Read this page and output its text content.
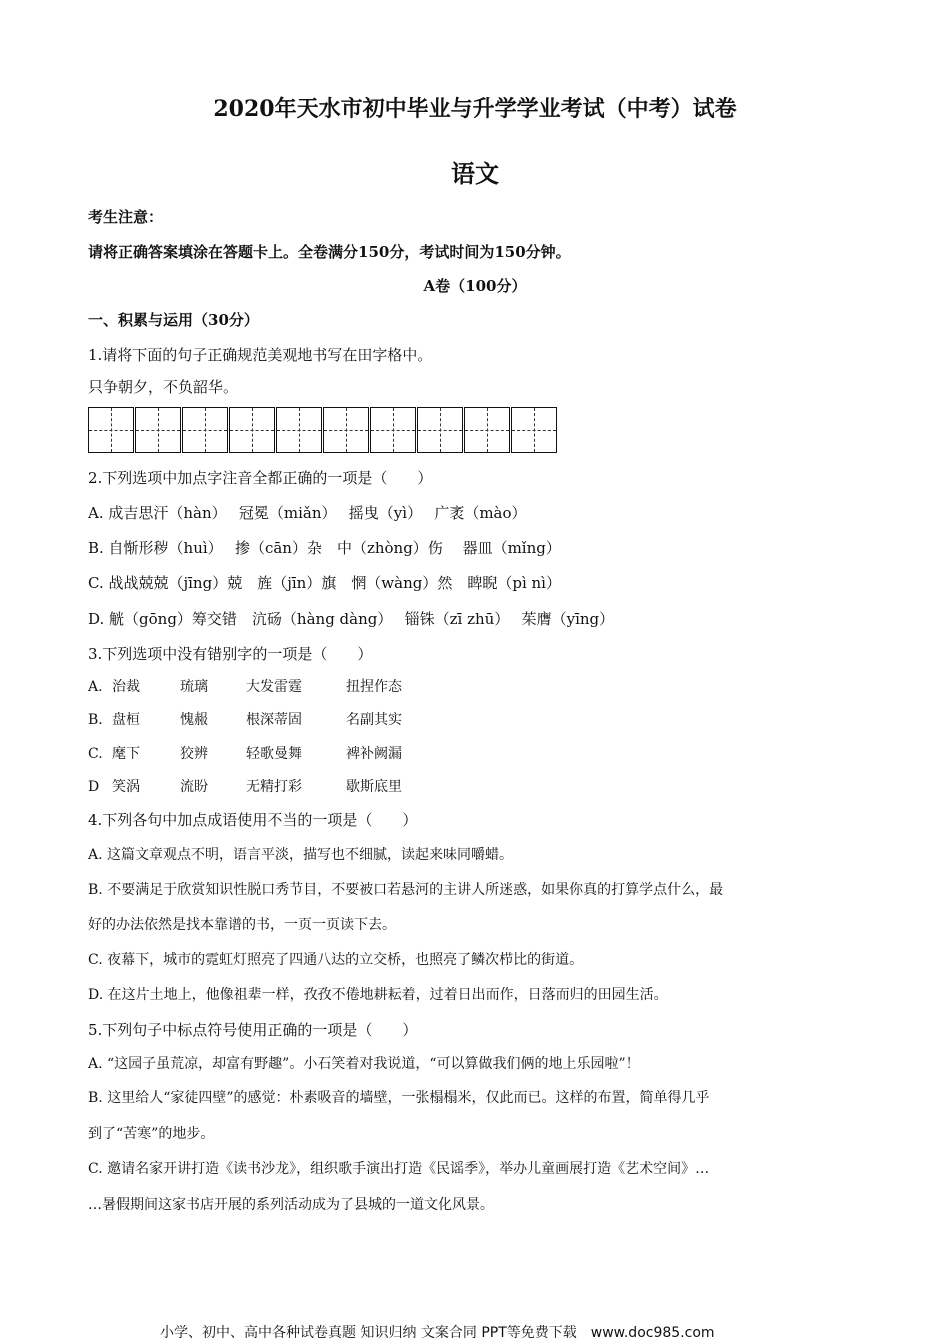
2020年天水市初中毕业与升学学业考试（中考）试卷
语文
考生注意：
请将正确答案填涂在答题卡上。全卷满分150分，考试时间为150分钟。
A卷（100分）
一、积累与运用（30分）
1.请将下面的句子正确规范美观地书写在田字格中。
只争朝夕，不负韶华。
2.下列选项中加点字注音全都正确的一项是（　　）
A. 成吉思汗（hàn）　 冠冕（miǎn）　 摇曳（yì）　 广袤（mào）
B. 自惭形秽（huì）　 掺（cān）杂　中（zhòng）伤　 器皿（mǐng）
C. 战战兢兢（jīng）兢　旌（jīn）旗　惘（wàng）然　睥睨（pì nì）
D. 觥（gōng）筹交错　沆砀（hàng dàng）　 锱铢（zī zhū）　 茱膺（yīng）
3.下列选项中没有错别字的一项是（　　）
A. 治裁	琉璃	大发雷霆	扭捏作态
B. 盘桓	愧赧	根深蒂固	名副其实
C. 麾下	狡辨	轻歌曼舞	裨补阙漏
D 笑涡	流盼	无精打彩	歇斯底里
4.下列各句中加点成语使用不当的一项是（　　）
A. 这篇文章观点不明，语言平淡，描写也不细腻，读起来味同嚼蜡。
B. 不要满足于欣赏知识性脱口秀节目，不要被口若悬河的主讲人所迷惑，如果你真的打算学点什么，最
好的办法依然是找本靠谱的书，一页一页读下去。
C. 夜幕下，城市的霓虹灯照亮了四通八达的立交桥，也照亮了鳞次栉比的街道。
D. 在这片土地上，他像祖辈一样，孜孜不倦地耕耘着，过着日出而作，日落而归的田园生活。
5.下列句子中标点符号使用正确的一项是（　　）
A. “这园子虽荒凉，却富有野趣”。小石笑着对我说道，“可以算做我们俩的地上乐园啦”！
B. 这里给人“家徒四壁”的感觉：朴素吸音的墙壁，一张榻榻米，仅此而已。这样的布置，简单得几乎
到了“苦寒”的地步。
C. 邀请名家开讲打造《读书沙龙》，组织歌手演出打造《民谣季》，举办儿童画展打造《艺术空间》…
…暑假期间这家书店开展的系列活动成为了县城的一道文化风景。
小学、初中、高中各种试卷真题 知识归纳 文案合同 PPT等免费下载　www.doc985.com
